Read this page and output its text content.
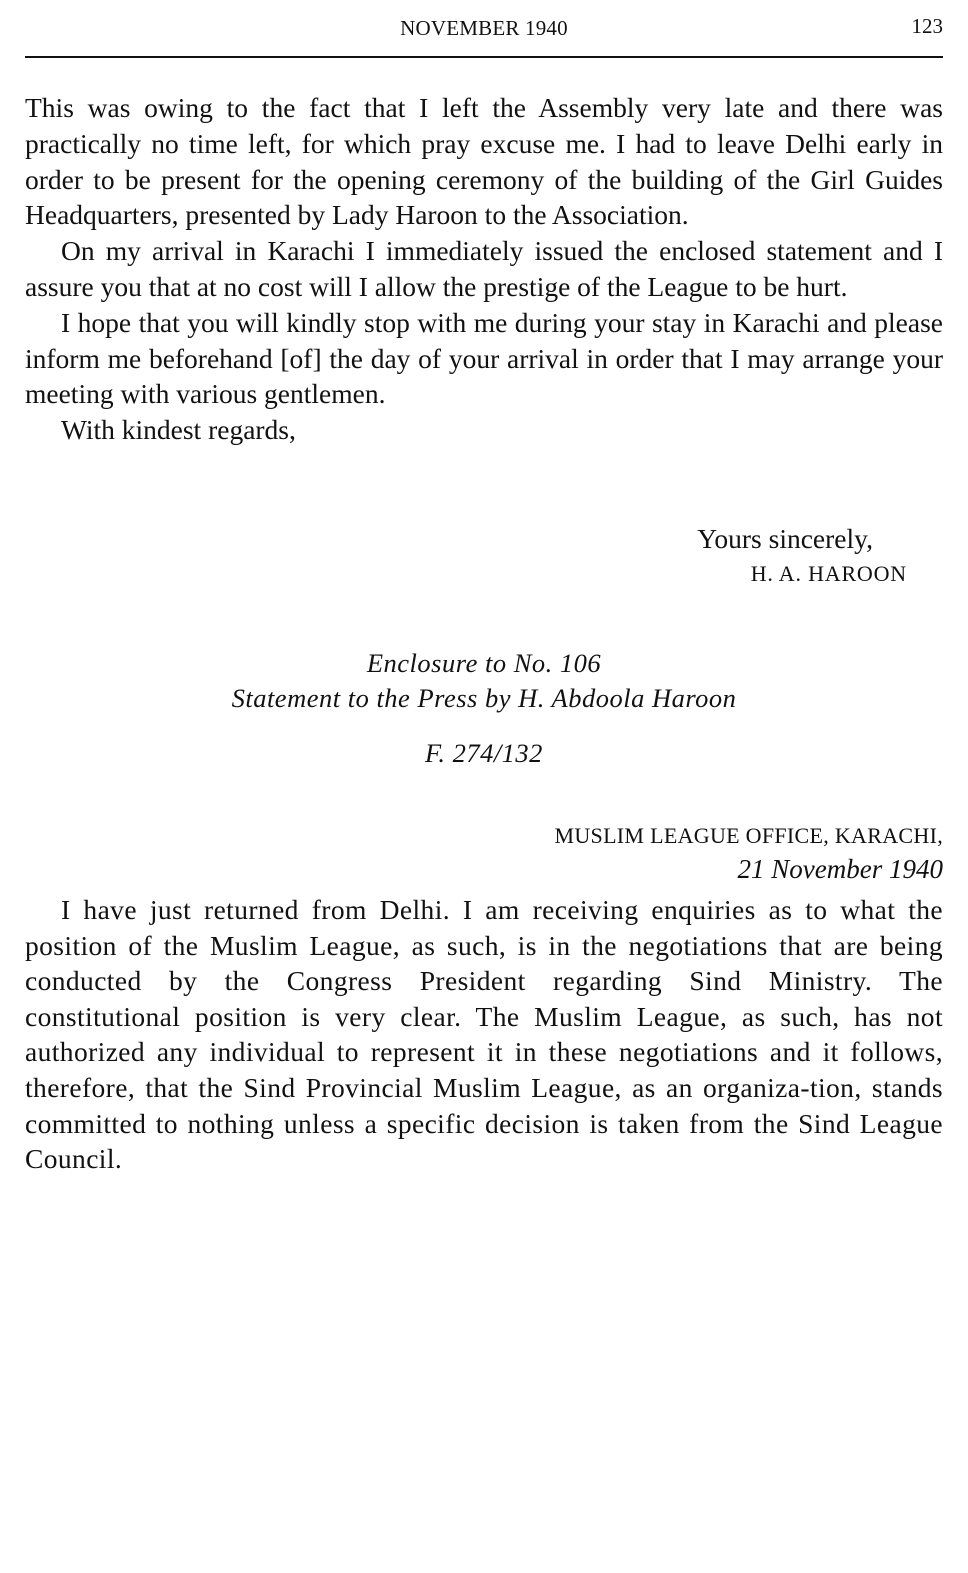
NOVEMBER 1940	123

This was owing to the fact that I left the Assembly very late and there was practically no time left, for which pray excuse me. I had to leave Delhi early in order to be present for the opening ceremony of the building of the Girl Guides Headquarters, presented by Lady Haroon to the Association.

On my arrival in Karachi I immediately issued the enclosed statement and I assure you that at no cost will I allow the prestige of the League to be hurt.

I hope that you will kindly stop with me during your stay in Karachi and please inform me beforehand [of] the day of your arrival in order that I may arrange your meeting with various gentlemen.

With kindest regards,

Yours sincerely,
H. A. HAROON
Enclosure to No. 106
Statement to the Press by H. Abdoola Haroon
F. 274/132
MUSLIM LEAGUE OFFICE, KARACHI,
21 November 1940

I have just returned from Delhi. I am receiving enquiries as to what the position of the Muslim League, as such, is in the negotiations that are being conducted by the Congress President regarding Sind Ministry. The constitutional position is very clear. The Muslim League, as such, has not authorized any individual to represent it in these negotiations and it follows, therefore, that the Sind Provincial Muslim League, as an organiza-tion, stands committed to nothing unless a specific decision is taken from the Sind League Council.
